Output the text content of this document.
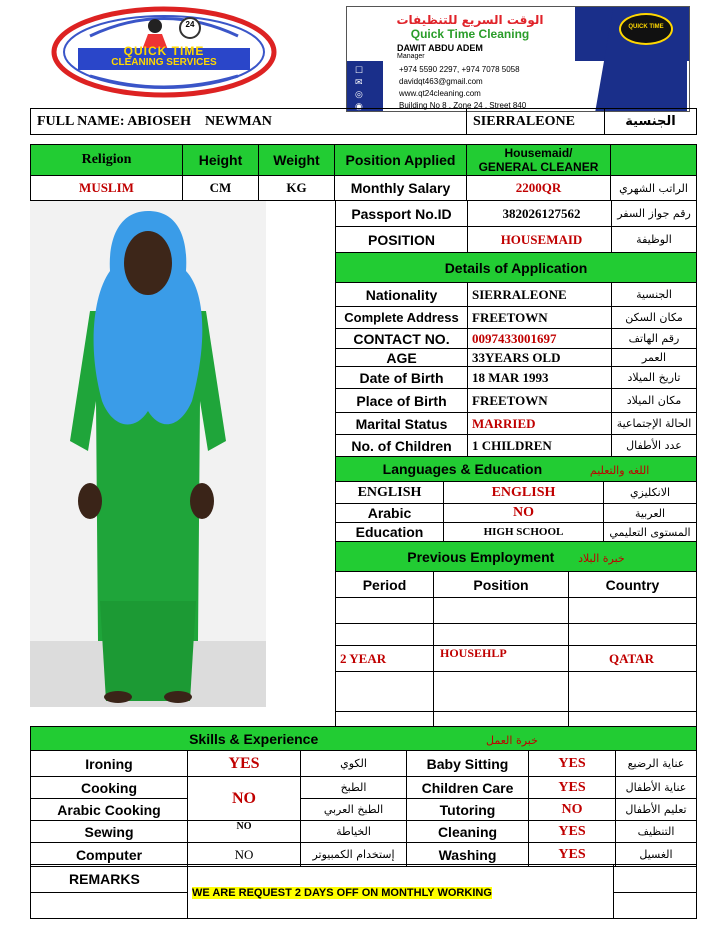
QUICK TIME
CLEANING SERVICES
24	الوقت السريع للتنظيفات
Quick Time Cleaning
DAWIT ABDU ADEM
Manager
☐
✉
◎
◉
+974 5590 2297, +974 7078 5058
davidqt463@gmail.com
www.qt24cleaning.com
Building No 8 , Zone 24 , Street 840
QUICK TIME
FULL NAME: ABIOSEH    NEWMAN	SIERRALEONE	الجنسية
Religion	Height	Weight	Position Applied	Housemaid/
GENERAL CLEANER	

MUSLIM	CM	KG	Monthly Salary	2200QR	الراتب الشهري
Passport No.ID	382026127562	رقم جواز السفر
POSITION	HOUSEMAID	الوظيفة
Details of Application		
Nationality	SIERRALEONE	الجنسية
Complete Address	FREETOWN	مكان السكن
CONTACT NO.	0097433001697	رقم الهاتف
AGE	33YEARS OLD	العمر
Date of Birth	18 MAR 1993	تاريخ الميلاد
Place of Birth	FREETOWN	مكان الميلاد
Marital Status	MARRIED	الحالة الإجتماعية
No. of Children	1 CHILDREN	عدد الأطفال
Languages & Education اللغه والتعليم		
ENGLISH	ENGLISH	الانكليزي
Arabic	NO	العربية
Education	HIGH SCHOOL	المستوى التعليمي
Previous Employment خبرة البلاد		
Period	Position	Country

2 YEAR	HOUSEHLP	QATAR

Skills & Experience خبرة العمل					
Ironing	YES	الكوي	Baby Sitting	YES	عناية الرضيع
Cooking	NO	الطبخ	Children Care	YES	عناية الأطفال
Arabic Cooking		الطبخ العربي	Tutoring	NO	تعليم الأطفال
Sewing	NO	الخياطة	Cleaning	YES	التنظيف
Computer	NO	إستخدام الكمبيوتر	Washing	YES	الغسيل
REMARKS	WE ARE REQUEST 2 DAYS OFF ON MONTHLY WORKING	
